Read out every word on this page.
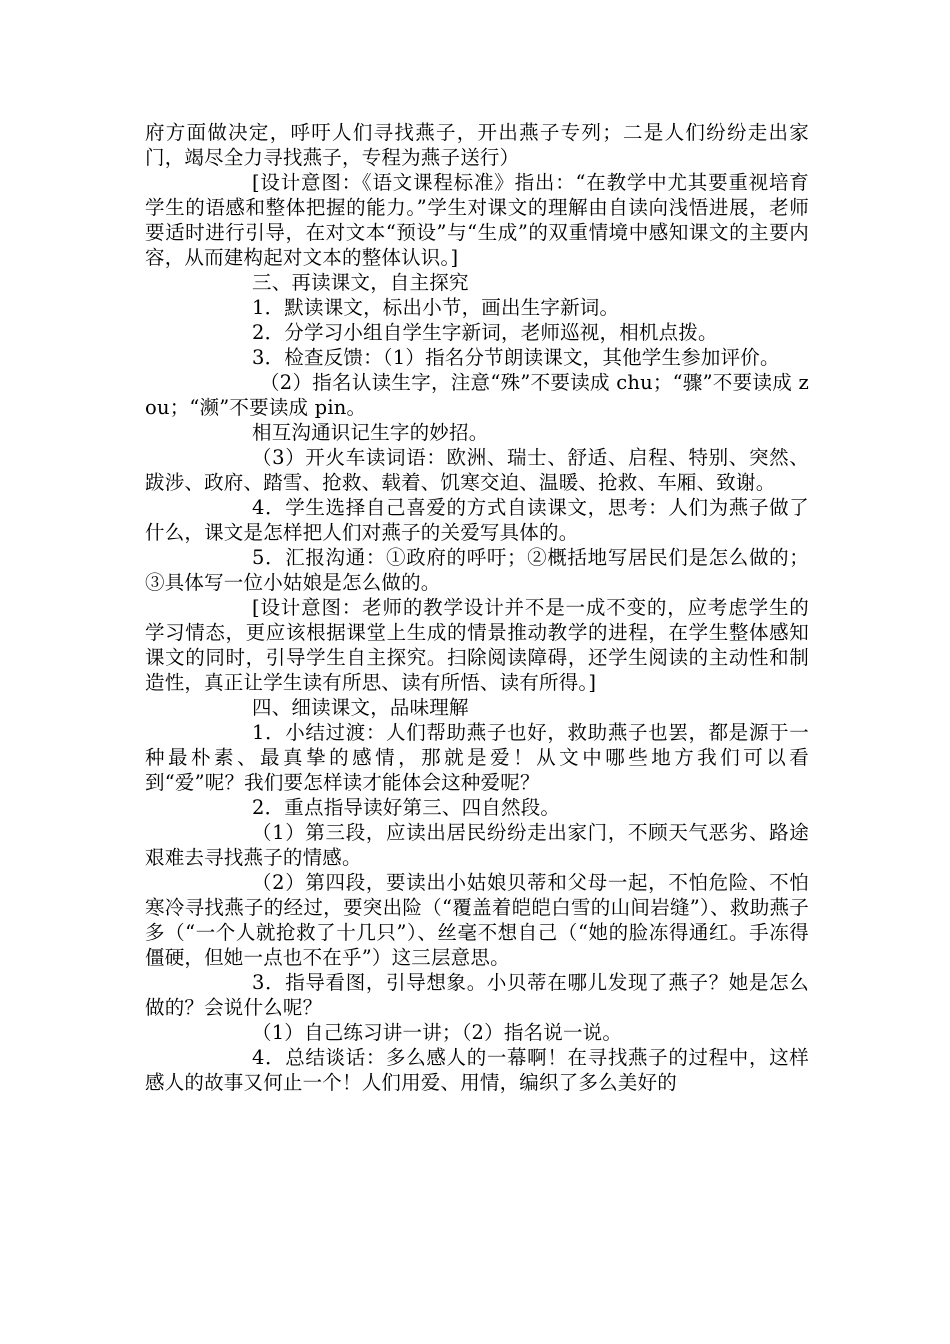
府方面做决定，呼吁人们寻找燕子，开出燕子专列；二是人们纷纷走出家门，竭尽全力寻找燕子，专程为燕子送行）

[设计意图：《语文课程标准》指出：“在教学中尤其要重视培育学生的语感和整体把握的能力。”学生对课文的理解由自读向浅悟进展，老师要适时进行引导，在对文本“预设”与“生成”的双重情境中感知课文的主要内容，从而建构起对文本的整体认识。]

三、再读课文，自主探究

1．默读课文，标出小节，画出生字新词。

2．分学习小组自学生字新词，老师巡视，相机点拨。

3．检查反馈：（1）指名分节朗读课文，其他学生参加评价。

（2）指名认读生字，注意“殊”不要读成 chu；“骤”不要读成 zou；“濒”不要读成 pin。

相互沟通识记生字的妙招。

（3）开火车读词语：欧洲、瑞士、舒适、启程、特别、突然、跋涉、政府、踏雪、抢救、载着、饥寒交迫、温暖、抢救、车厢、致谢。

4．学生选择自己喜爱的方式自读课文，思考：人们为燕子做了什么，课文是怎样把人们对燕子的关爱写具体的。

5．汇报沟通：①政府的呼吁；②概括地写居民们是怎么做的；③具体写一位小姑娘是怎么做的。

[设计意图：老师的教学设计并不是一成不变的，应考虑学生的学习情态，更应该根据课堂上生成的情景推动教学的进程，在学生整体感知课文的同时，引导学生自主探究。扫除阅读障碍，还学生阅读的主动性和制造性，真正让学生读有所思、读有所悟、读有所得。]

四、细读课文，品味理解

1．小结过渡：人们帮助燕子也好，救助燕子也罢，都是源于一种最朴素、最真挚的感情，那就是爱！从文中哪些地方我们可以看到“爱”呢？我们要怎样读才能体会这种爱呢？

2．重点指导读好第三、四自然段。

（1）第三段，应读出居民纷纷走出家门，不顾天气恶劣、路途艰难去寻找燕子的情感。

（2）第四段，要读出小姑娘贝蒂和父母一起，不怕危险、不怕寒冷寻找燕子的经过，要突出险（“覆盖着皑皑白雪的山间岩缝”）、救助燕子多（“一个人就抢救了十几只”）、丝毫不想自己（“她的脸冻得通红。手冻得僵硬，但她一点也不在乎”）这三层意思。

3．指导看图，引导想象。小贝蒂在哪儿发现了燕子？她是怎么做的？会说什么呢？

（1）自己练习讲一讲；（2）指名说一说。

4．总结谈话：多么感人的一幕啊！在寻找燕子的过程中，这样感人的故事又何止一个！人们用爱、用情，编织了多么美好的
